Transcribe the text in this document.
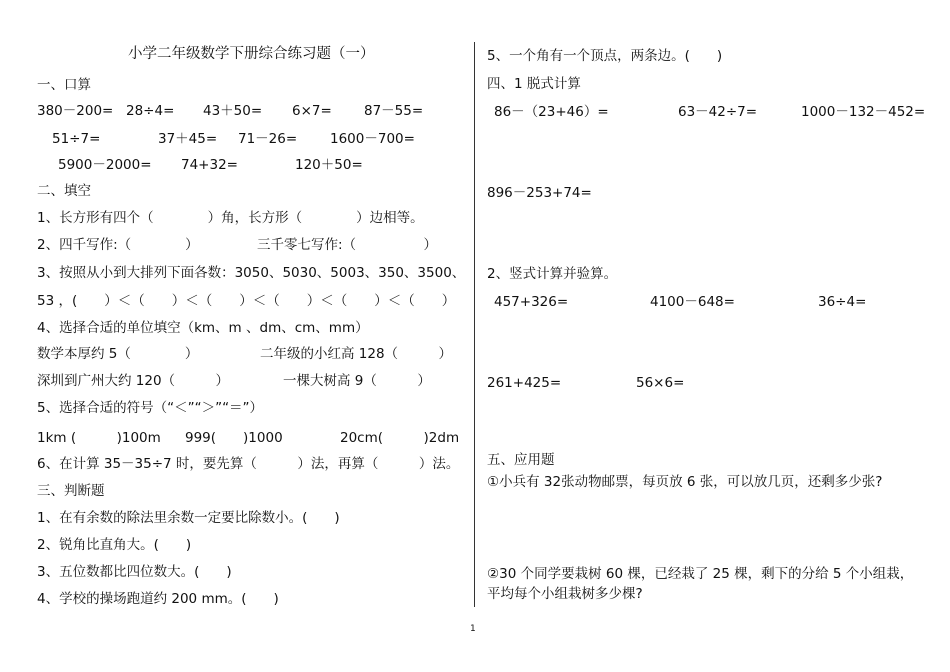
小学二年级数学下册综合练习题（一）
一、口算
380－200= 28÷4= 43＋50= 6×7= 87－55=
51÷7=	37＋45= 71－26= 1600－700=
5900－2000= 74+32=	120＋50=
二、填空
1、长方形有四个（　　　　）角，长方形（　　　　）边相等。
2、四千写作:（　　　　）	三千零七写作:（　　　　　）
3、按照从小到大排列下面各数：3050、5030、5003、350、3500、
53 ，(　　）＜（　　）＜（　　）＜（　　）＜（　　）＜（　　）
4、选择合适的单位填空（km、m 、dm、cm、mm）
数学本厚约 5（　　　　）	二年级的小红高 128（　　　）
深圳到广州大约 120（　　　）	一棵大树高 9（　　　）
5、选择合适的符号（“＜”“＞”“＝”）
1km (　　　)100m 999(　　)1000	20cm(　　　)2dm
6、在计算 35－35÷7 时，要先算（　　　）法，再算（　　　）法。
三、判断题
1、在有余数的除法里余数一定要比除数小。(　　)
2、锐角比直角大。(　　)
3、五位数都比四位数大。(　　)
4、学校的操场跑道约 200 mm。(　　)
5、一个角有一个顶点，两条边。(　　)
四、1 脱式计算
86－（23+46）=	63－42÷7=	1000－132－452=
896－253+74=
2、竖式计算并验算。
457+326=	4100－648=	36÷4=
261+425=	56×6=
五、应用题
①小兵有 32张动物邮票，每页放 6 张，可以放几页，还剩多少张?
②30 个同学要栽树 60 棵，已经栽了 25 棵，剩下的分给 5 个小组栽，
平均每个小组栽树多少棵?
1
